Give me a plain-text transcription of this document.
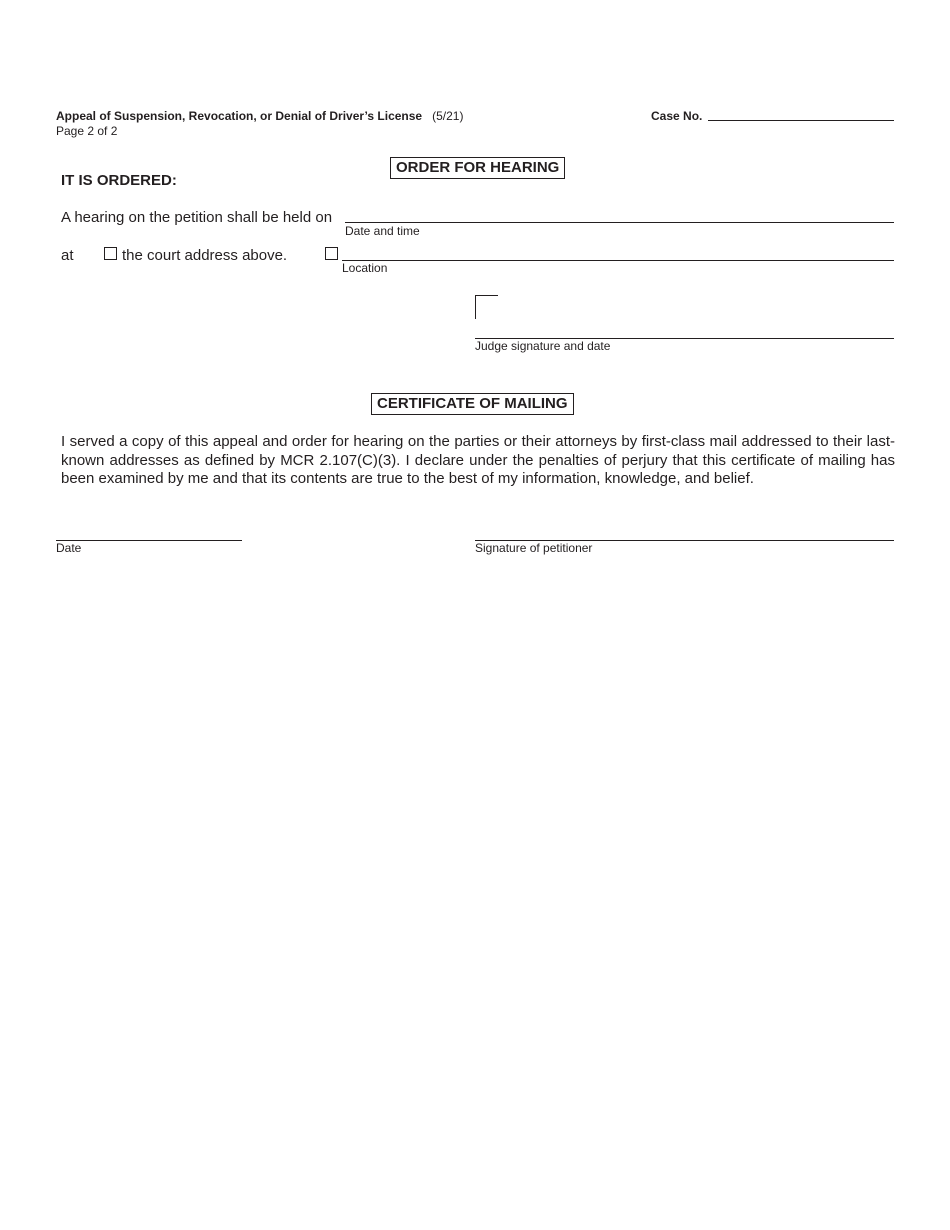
Appeal of Suspension, Revocation, or Denial of Driver’s License (5/21)
Page 2 of 2
Case No.
ORDER FOR HEARING
IT IS ORDERED:
A hearing on the petition shall be held on
Date and time
at	the court address above.
Location
Judge signature and date
CERTIFICATE OF MAILING
I served a copy of this appeal and order for hearing on the parties or their attorneys by first-class mail addressed to their last-known addresses as defined by MCR 2.107(C)(3). I declare under the penalties of perjury that this certificate of mailing has been examined by me and that its contents are true to the best of my information, knowledge, and belief.
Date	Signature of petitioner
